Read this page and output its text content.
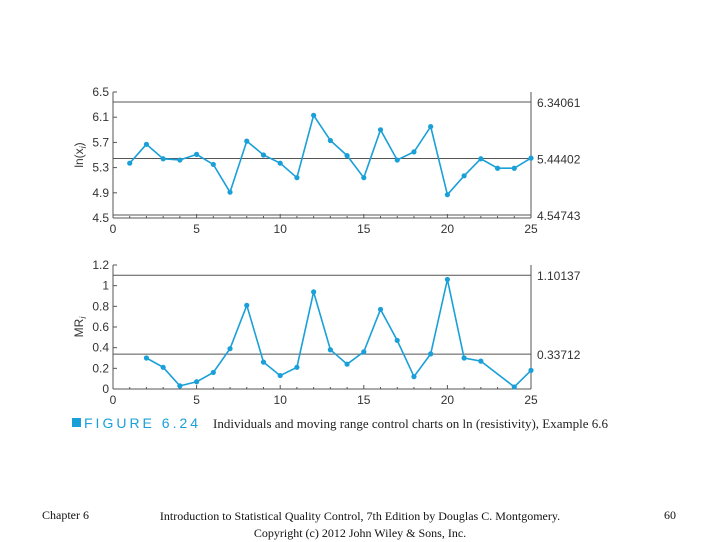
0	5	10	15	20	25
4.5
4.9
5.3
5.7
6.1
6.5
$\ln(x_i)$
6.34061
5.44402
4.54743
0	5	10	15	20	25
0
0.2
0.4
0.6
0.8
1
1.2
$MR_i$
1.10137
0.33712
FIGURE 6.24 Individuals and moving range control charts on ln (resistivity), Example 6.6
Chapter 6	Introduction to Statistical Quality Control, 7th Edition by Douglas C. Montgomery.
Copyright (c) 2012 John Wiley & Sons, Inc.
60
